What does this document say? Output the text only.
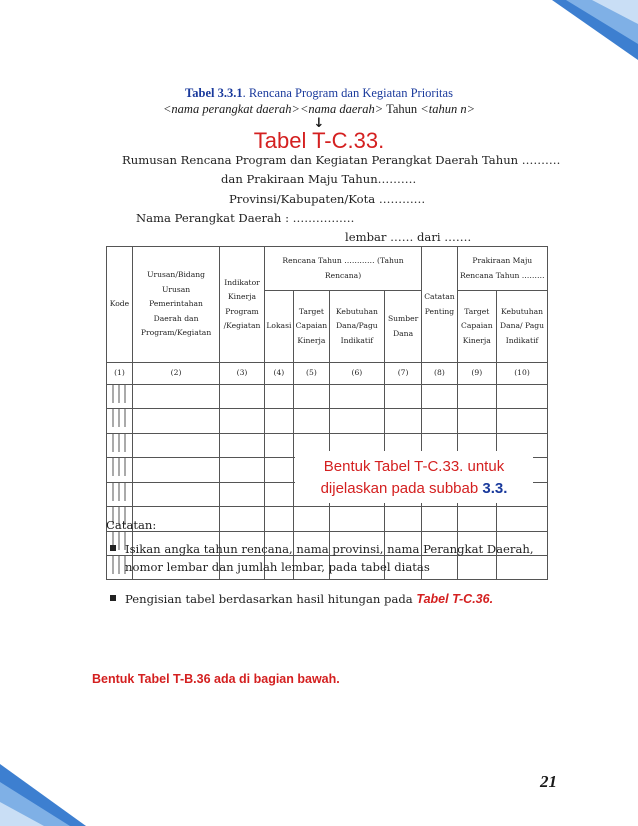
Tabel 3.3.1. Rencana Program dan Kegiatan Prioritas
<nama perangkat daerah><nama daerah> Tahun <tahun n>
↓
Tabel T-C.33.
Rumusan Rencana Program dan Kegiatan Perangkat Daerah Tahun ……….
dan Prakiraan Maju Tahun……….
Provinsi/Kabupaten/Kota …………
Nama Perangkat Daerah : …………….
lembar …… dari …….
Kode	Urusan/Bidang Urusan Pemerintahan Daerah dan Program/Kegiatan	Indikator Kinerja Program /Kegiatan	Rencana Tahun ………… (Tahun Rencana)				Catatan Penting	Prakiraan Maju Rencana Tahun ………	
			Lokasi	Target Capaian Kinerja	Kebutuhan Dana/Pagu Indikatif	Sumber Dana		Target Capaian Kinerja	Kebutuhan Dana/ Pagu Indikatif
(1)	(2)	(3)	(4)	(5)	(6)	(7)	(8)	(9)	(10)

Bentuk Tabel T-C.33. untuk
dijelaskan pada subbab 3.3.
Catatan:
Isikan angka tahun rencana, nama provinsi, nama Perangkat Daerah,
nomor lembar dan jumlah lembar, pada tabel diatas
Pengisian tabel berdasarkan hasil hitungan pada Tabel T-C.36.
Bentuk Tabel T-B.36 ada di bagian bawah.
21
